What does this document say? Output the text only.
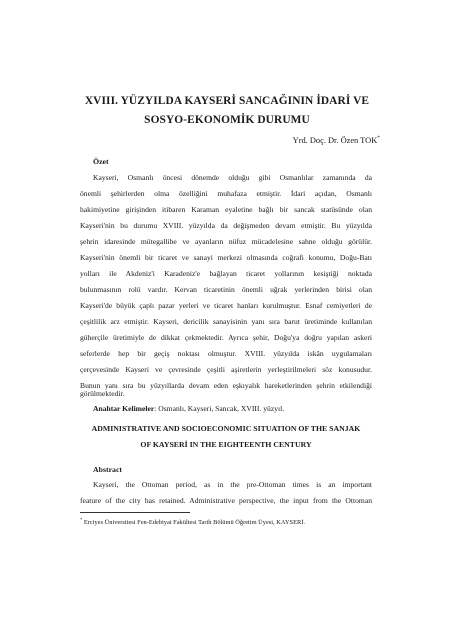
XVIII. YÜZYILDA KAYSERİ SANCAĞININ İDARİ VE
SOSYO-EKONOMİK DURUMU
Yrd. Doç. Dr. Özen TOK*
Özet
Kayseri, Osmanlı öncesi dönemde olduğu gibi Osmanlılar zamanında da
önemli şehirlerden olma özelliğini muhafaza etmiştir. İdari açıdan, Osmanlı
hakimiyetine girişinden itibaren Karaman eyaletine bağlı bir sancak statüsünde olan
Kayseri'nin bu durumu XVIII. yüzyılda da değişmeden devam etmiştir. Bu yüzyılda
şehrin idaresinde mütegallibe ve ayanların nüfuz mücadelesine sahne olduğu görülür.
Kayseri'nin önemli bir ticaret ve sanayi merkezi olmasında coğrafi konumu, Doğu-Batı
yolları ile Akdeniz'i Karadeniz'e bağlayan ticaret yollarının kesiştiği noktada
bulunmasının rolü vardır. Kervan ticaretinin önemli uğrak yerlerinden birisi olan
Kayseri'de büyük çaplı pazar yerleri ve ticaret hanları kurulmuştur. Esnaf cemiyetleri de
çeşitlilik arz etmiştir. Kayseri, dericilik sanayisinin yanı sıra barut üretiminde kullanılan
güherçile üretimiyle de dikkat çekmektedir. Ayrıca şehir, Doğu'ya doğru yapılan askeri
seferlerde hep bir geçiş noktası olmuştur. XVIII. yüzyılda iskân uygulamaları
çerçevesinde Kayseri ve çevresinde çeşitli aşiretlerin yerleştirilmeleri söz konusudur.
Bunun yanı sıra bu yüzyıllarda devam eden eşkıyalık hareketlerinden şehrin etkilendiği
görülmektedir.
Anahtar Kelimeler: Osmanlı, Kayseri, Sancak, XVIII. yüzyıl.
ADMINISTRATIVE AND SOCIOECONOMIC SITUATION OF THE SANJAK
OF KAYSERİ IN THE EIGHTEENTH CENTURY
Abstract
Kayseri, the Ottoman period, as in the pre-Ottoman times is an important
feature of the city has retained. Administrative perspective, the input from the Ottoman
* Erciyes Üniversitesi Fen-Edebiyat Fakültesi Tarih Bölümü Öğretim Üyesi, KAYSERİ.
